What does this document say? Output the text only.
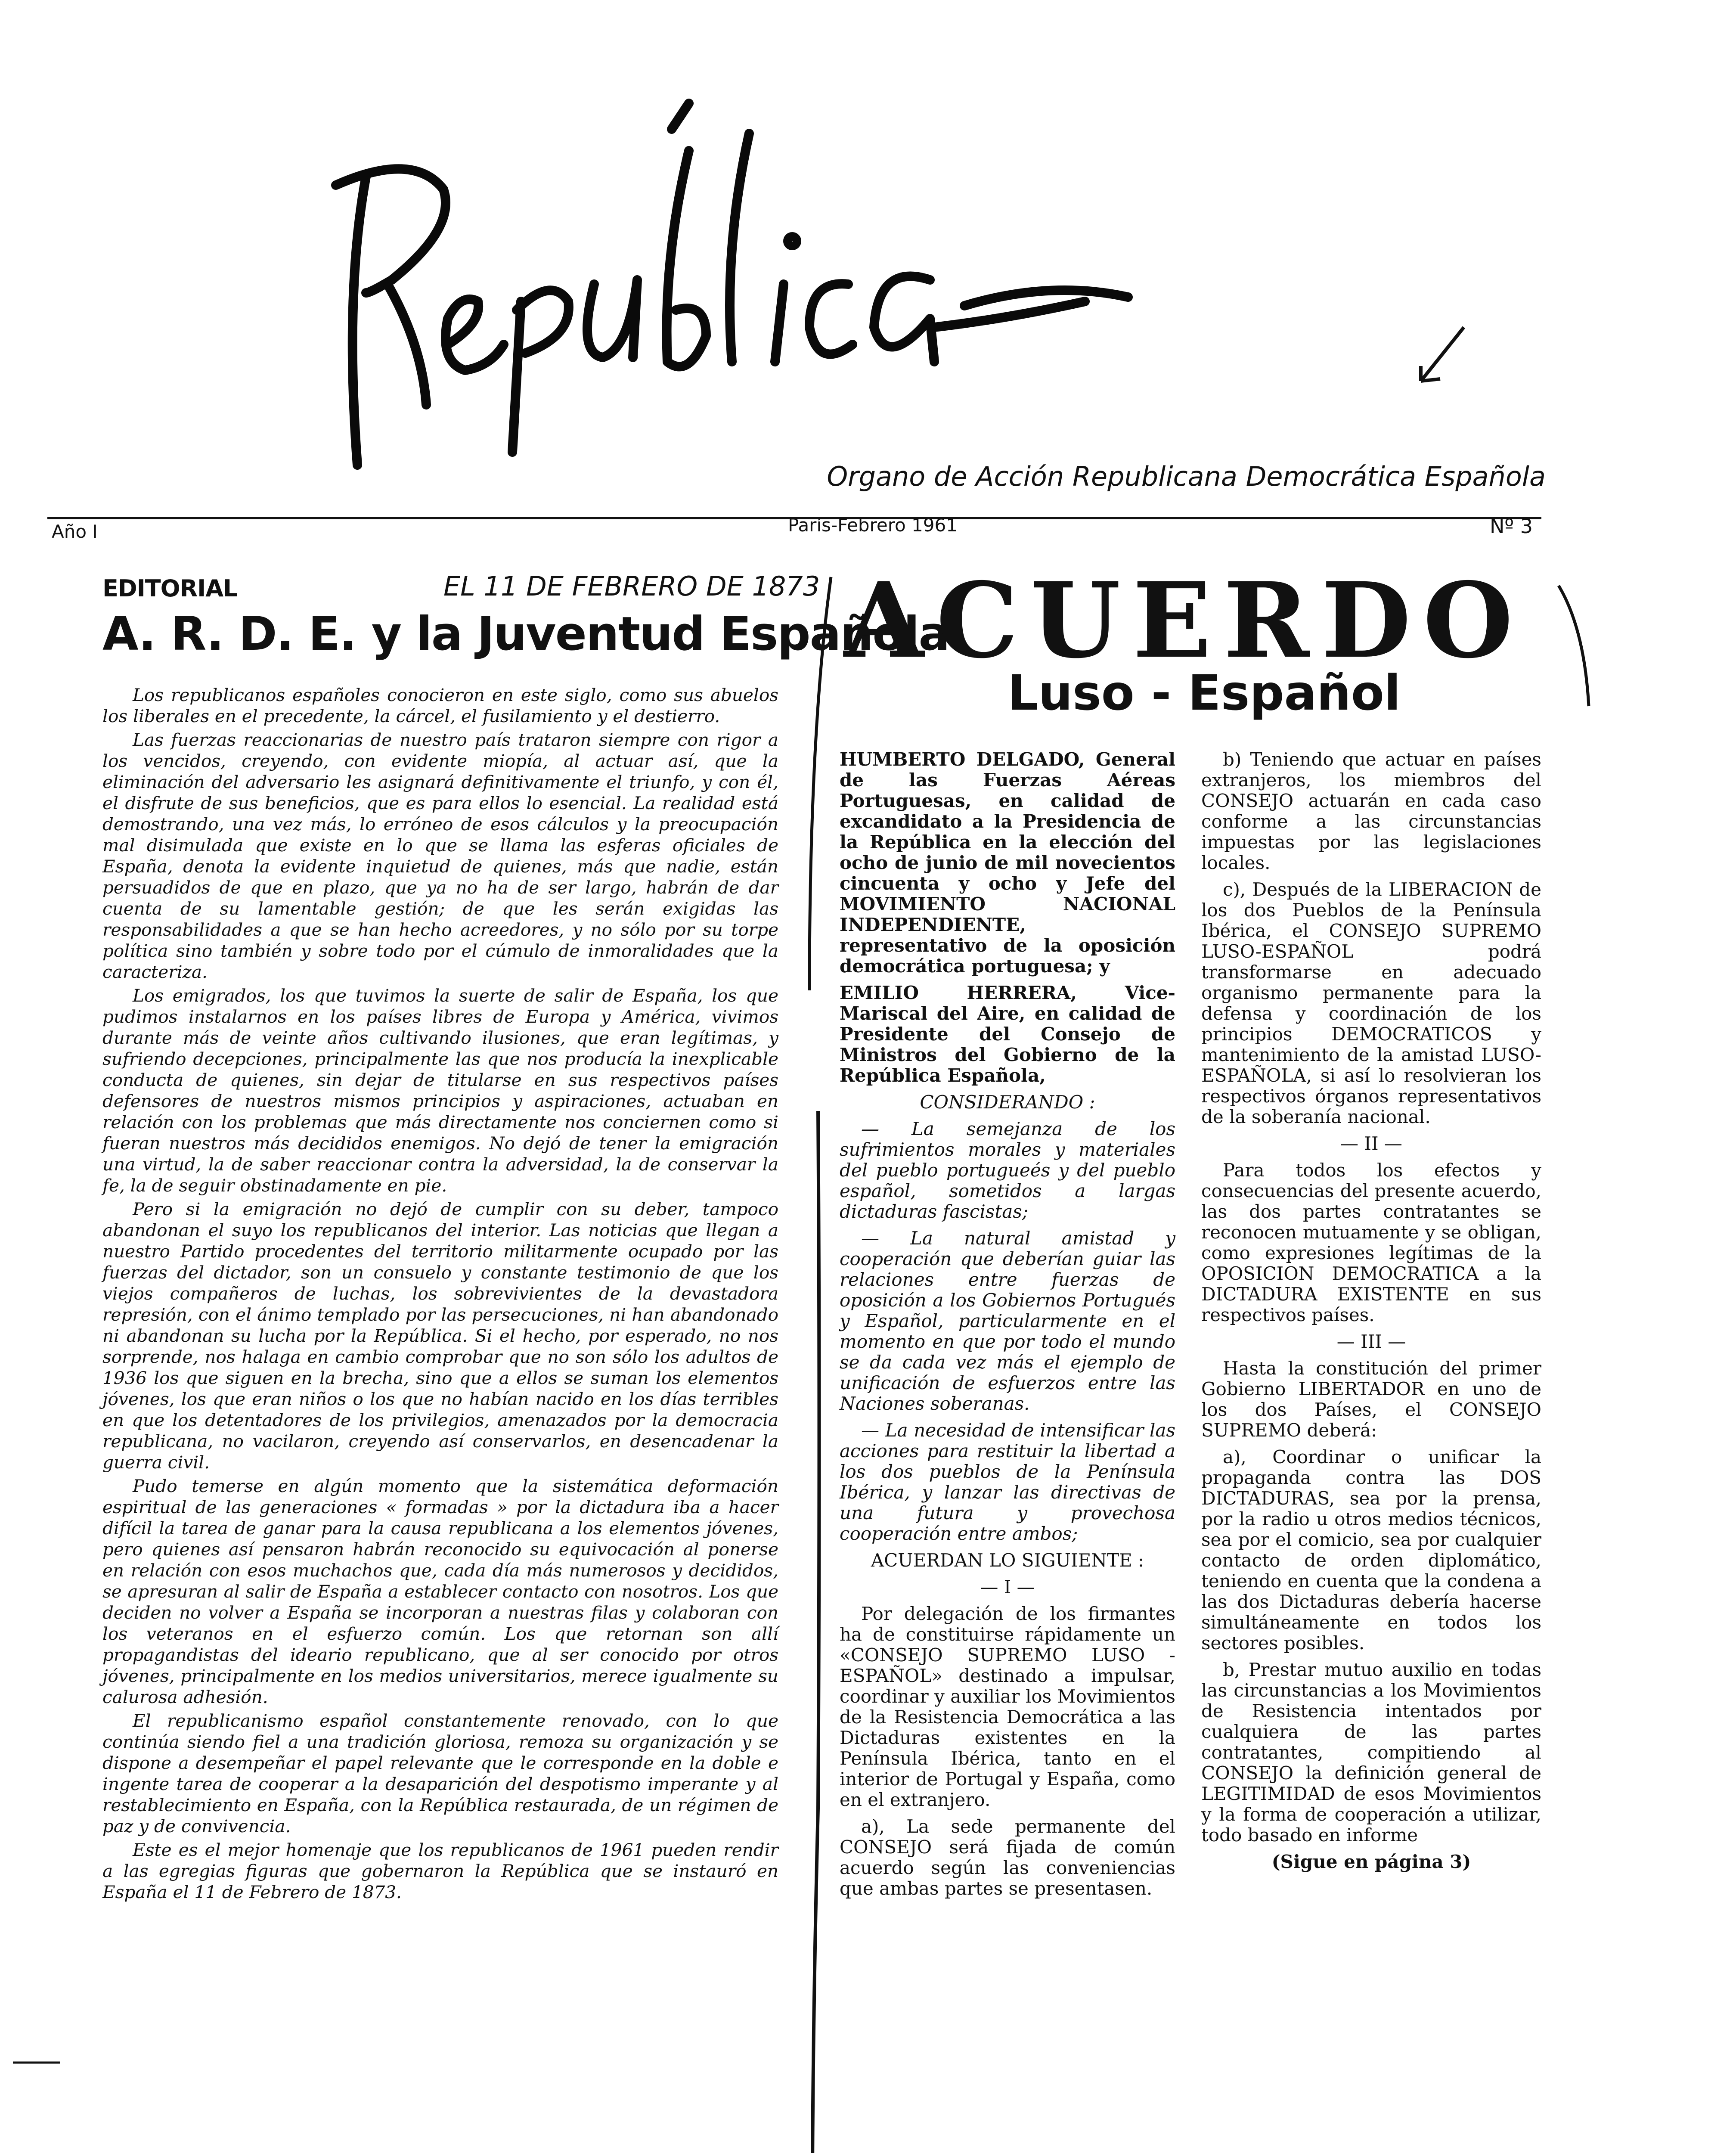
Organo de Acción Republicana Democrática Española
Año I	París-Febrero 1961	Nº 3
EDITORIAL	EL 11 DE FEBRERO DE 1873
A. R. D. E. y la Juventud Española

Los republicanos españoles conocieron en este siglo, como sus abuelos los liberales en el precedente, la cárcel, el fusilamiento y el destierro.

Las fuerzas reaccionarias de nuestro país trataron siempre con rigor a los vencidos, creyendo, con evidente miopía, al actuar así, que la eliminación del adversario les asignará definitivamente el triunfo, y con él, el disfrute de sus beneficios, que es para ellos lo esencial. La realidad está demostrando, una vez más, lo erróneo de esos cálculos y la preocupación mal disimulada que existe en lo que se llama las esferas oficiales de España, denota la evidente inquietud de quienes, más que nadie, están persuadidos de que en plazo, que ya no ha de ser largo, habrán de dar cuenta de su lamentable gestión; de que les serán exigidas las responsabilidades a que se han hecho acreedores, y no sólo por su torpe política sino también y sobre todo por el cúmulo de inmoralidades que la caracteriza.

Los emigrados, los que tuvimos la suerte de salir de España, los que pudimos instalarnos en los países libres de Europa y América, vivimos durante más de veinte años cultivando ilusiones, que eran legítimas, y sufriendo decepciones, principalmente las que nos producía la inexplicable conducta de quienes, sin dejar de titularse en sus respectivos países defensores de nuestros mismos principios y aspiraciones, actuaban en relación con los problemas que más directamente nos conciernen como si fueran nuestros más decididos enemigos. No dejó de tener la emigración una virtud, la de saber reaccionar contra la adversidad, la de conservar la fe, la de seguir obstinadamente en pie.

Pero si la emigración no dejó de cumplir con su deber, tampoco abandonan el suyo los republicanos del interior. Las noticias que llegan a nuestro Partido procedentes del territorio militarmente ocupado por las fuerzas del dictador, son un consuelo y constante testimonio de que los viejos compañeros de luchas, los sobrevivientes de la devastadora represión, con el ánimo templado por las persecuciones, ni han abandonado ni abandonan su lucha por la República. Si el hecho, por esperado, no nos sorprende, nos halaga en cambio comprobar que no son sólo los adultos de 1936 los que siguen en la brecha, sino que a ellos se suman los elementos jóvenes, los que eran niños o los que no habían nacido en los días terribles en que los detentadores de los privilegios, amenazados por la democracia republicana, no vacilaron, creyendo así conservarlos, en desencadenar la guerra civil.

Pudo temerse en algún momento que la sistemática deformación espiritual de las generaciones « formadas » por la dictadura iba a hacer difícil la tarea de ganar para la causa republicana a los elementos jóvenes, pero quienes así pensaron habrán reconocido su equivocación al ponerse en relación con esos muchachos que, cada día más numerosos y decididos, se apresuran al salir de España a establecer contacto con nosotros. Los que deciden no volver a España se incorporan a nuestras filas y colaboran con los veteranos en el esfuerzo común. Los que retornan son allí propagandistas del ideario republicano, que al ser conocido por otros jóvenes, principalmente en los medios universitarios, merece igualmente su calurosa adhesión.

El republicanismo español constantemente renovado, con lo que continúa siendo fiel a una tradición gloriosa, remoza su organización y se dispone a desempeñar el papel relevante que le corresponde en la doble e ingente tarea de cooperar a la desaparición del despotismo imperante y al restablecimiento en España, con la República restaurada, de un régimen de paz y de convivencia.

Este es el mejor homenaje que los republicanos de 1961 pueden rendir a las egregias figuras que gobernaron la República que se instauró en España el 11 de Febrero de 1873.

ACUERDO
Luso - Español

HUMBERTO DELGADO, General de las Fuerzas Aéreas Portuguesas, en calidad de excandidato a la Presidencia de la República en la elección del ocho de junio de mil novecientos cincuenta y ocho y Jefe del MOVIMIENTO NACIONAL INDEPENDIENTE, representativo de la oposición democrática portuguesa; y

EMILIO HERRERA, Vice-Mariscal del Aire, en calidad de Presidente del Consejo de Ministros del Gobierno de la República Española,

CONSIDERANDO :

— La semejanza de los sufrimientos morales y materiales del pueblo portugueés y del pueblo español, sometidos a largas dictaduras fascistas;

— La natural amistad y cooperación que deberían guiar las relaciones entre fuerzas de oposición a los Gobiernos Portugués y Español, particularmente en el momento en que por todo el mundo se da cada vez más el ejemplo de unificación de esfuerzos entre las Naciones soberanas.

— La necesidad de intensificar las acciones para restituir la libertad a los dos pueblos de la Península Ibérica, y lanzar las directivas de una futura y provechosa cooperación entre ambos;

ACUERDAN LO SIGUIENTE :

— I —

Por delegación de los firmantes ha de constituirse rápidamente un «CONSEJO SUPREMO LUSO -ESPAÑOL» destinado a impulsar, coordinar y auxiliar los Movimientos de la Resistencia Democrática a las Dictaduras existentes en la Península Ibérica, tanto en el interior de Portugal y España, como en el extranjero.

a), La sede permanente del CONSEJO será fijada de común acuerdo según las conveniencias que ambas partes se presentasen.

b) Teniendo que actuar en países extranjeros, los miembros del CONSEJO actuarán en cada caso conforme a las circunstancias impuestas por las legislaciones locales.

c), Después de la LIBERACION de los dos Pueblos de la Península Ibérica, el CONSEJO SUPREMO LUSO-ESPAÑOL podrá transformarse en adecuado organismo permanente para la defensa y coordinación de los principios DEMOCRATICOS y mantenimiento de la amistad LUSO-ESPAÑOLA, si así lo resolvieran los respectivos órganos representativos de la soberanía nacional.

— II —

Para todos los efectos y consecuencias del presente acuerdo, las dos partes contratantes se reconocen mutuamente y se obligan, como expresiones legítimas de la OPOSICION DEMOCRATICA a la DICTADURA EXISTENTE en sus respectivos países.

— III —

Hasta la constitución del primer Gobierno LIBERTADOR en uno de los dos Países, el CONSEJO SUPREMO deberá:

a), Coordinar o unificar la propaganda contra las DOS DICTADURAS, sea por la prensa, por la radio u otros medios técnicos, sea por el comicio, sea por cualquier contacto de orden diplomático, teniendo en cuenta que la condena a las dos Dictaduras debería hacerse simultáneamente en todos los sectores posibles.

b, Prestar mutuo auxilio en todas las circunstancias a los Movimientos de Resistencia intentados por cualquiera de las partes contratantes, compitiendo al CONSEJO la definición general de LEGITIMIDAD de esos Movimientos y la forma de cooperación a utilizar, todo basado en informe

(Sigue en página 3)
